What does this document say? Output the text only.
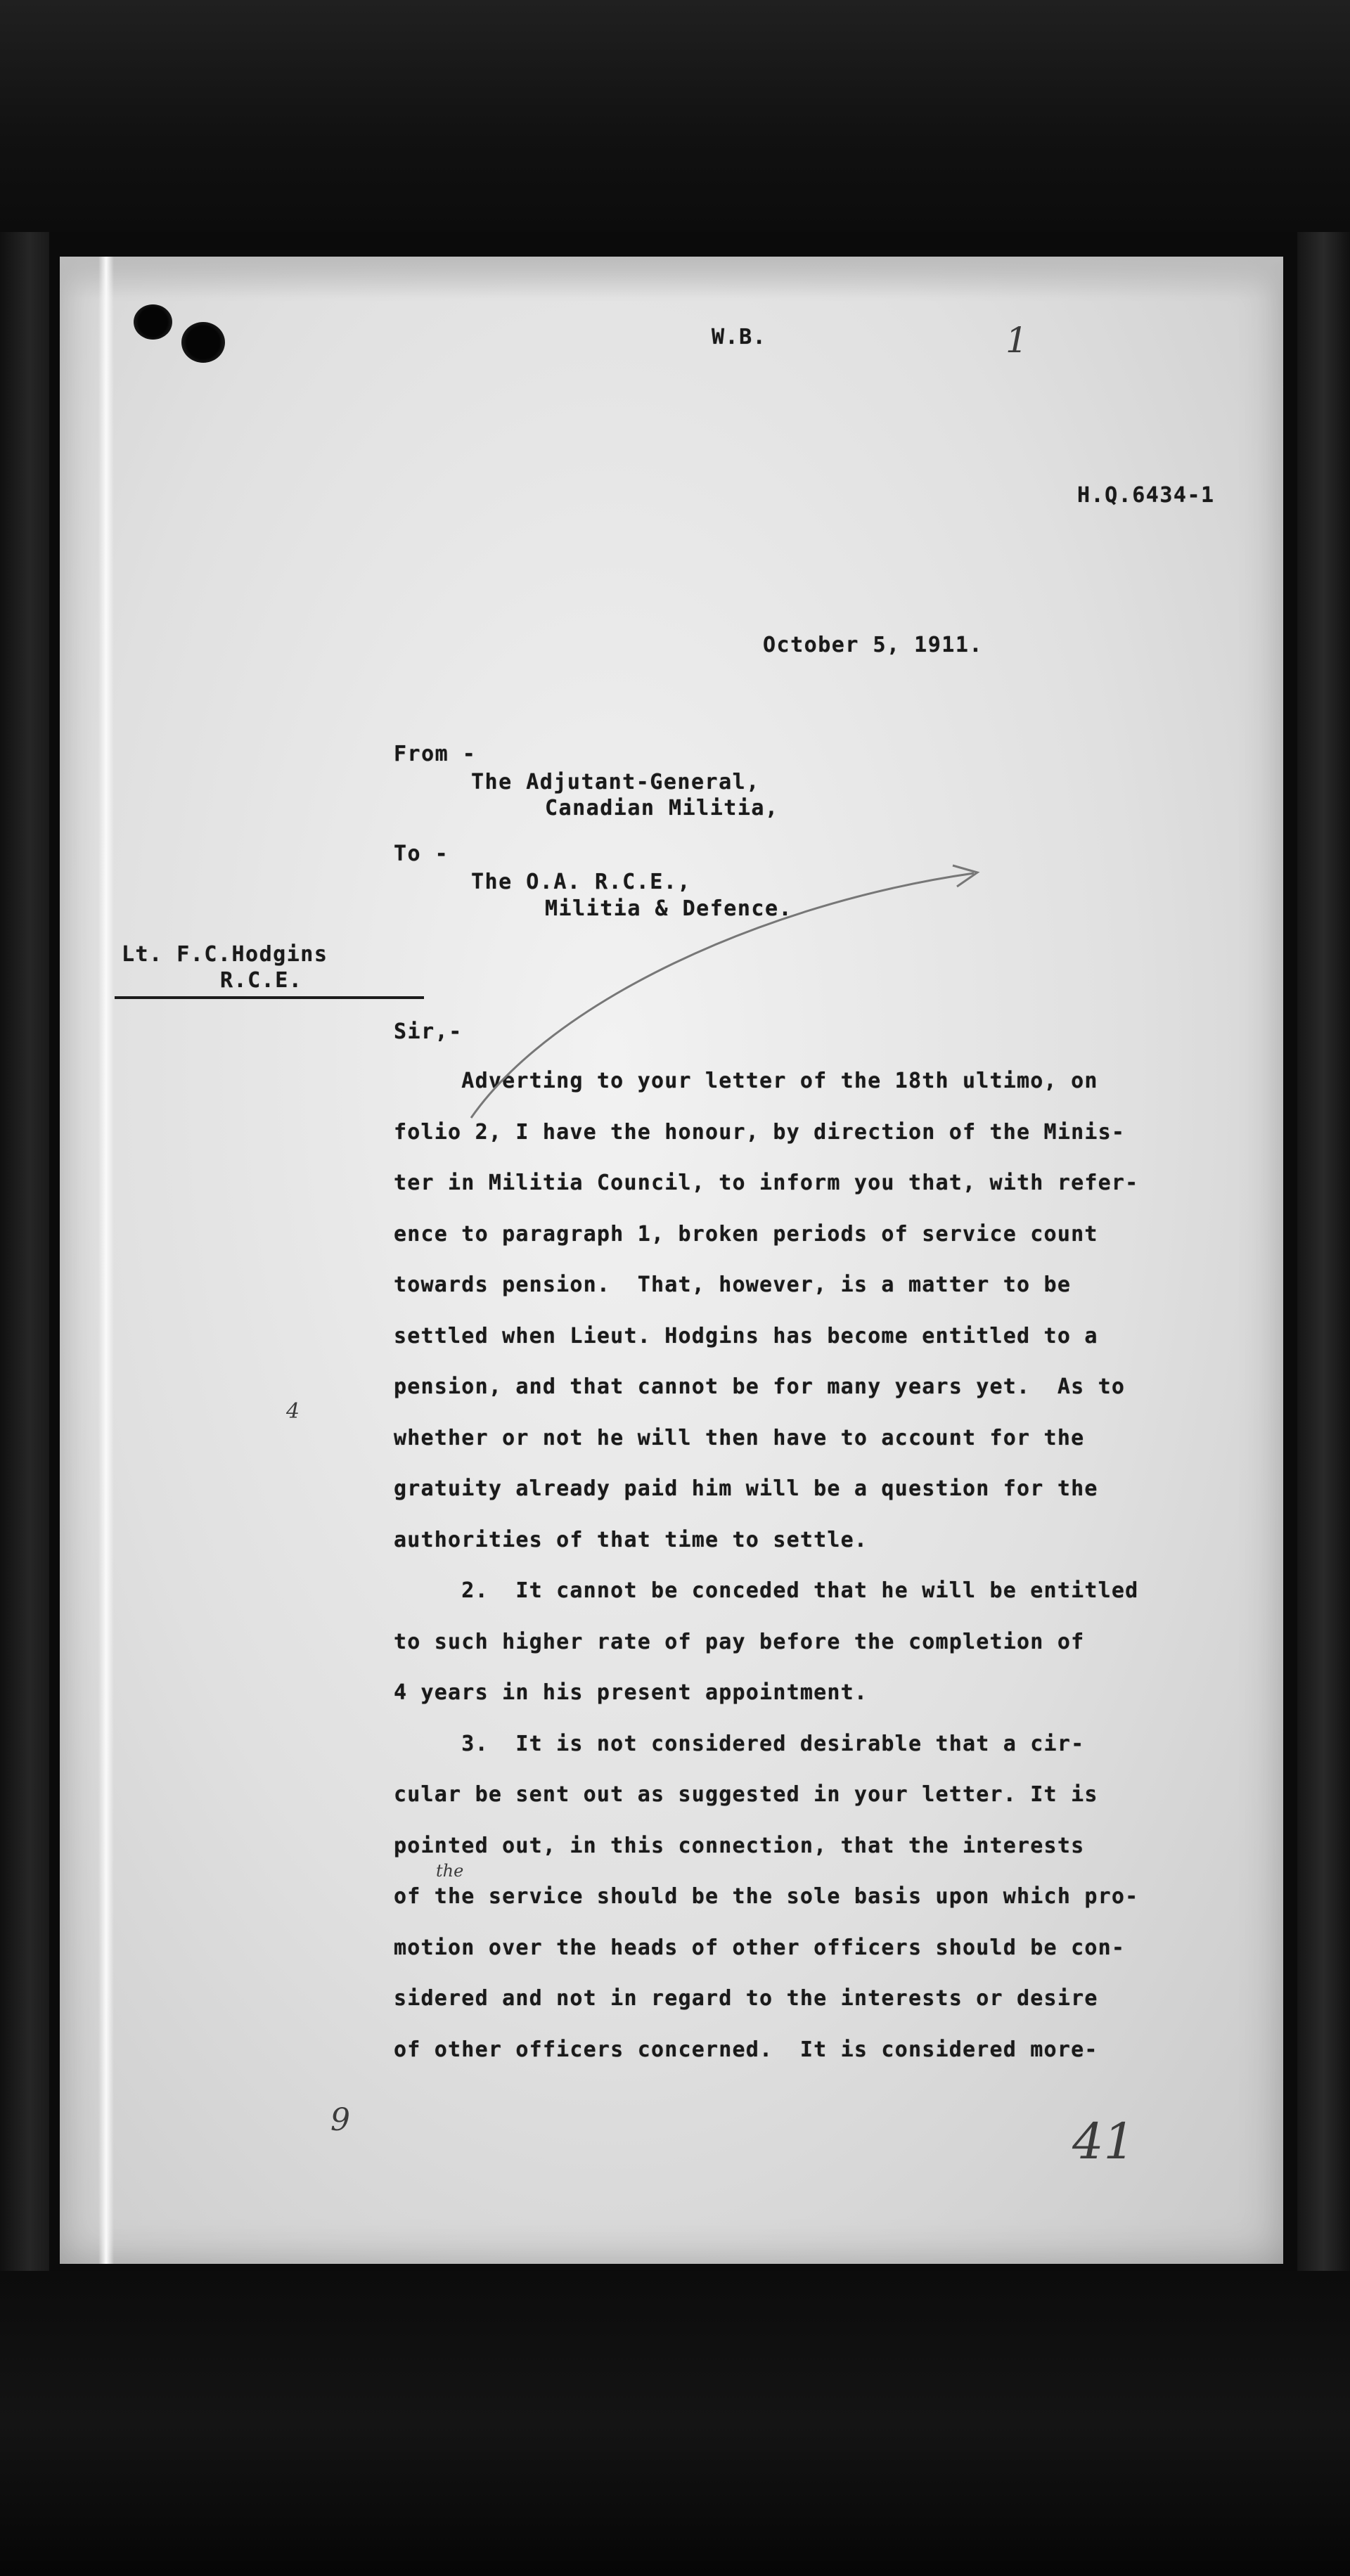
W.B.	1
H.Q.6434-1
October 5, 1911.
From -
The Adjutant-General,
Canadian Militia,
To -
The O.A. R.C.E.,
Militia & Defence.
Lt. F.C.Hodgins
R.C.E.
Sir,-
Adverting to your letter of the 18th ultimo, on
folio 2, I have the honour, by direction of the Minis-
ter in Militia Council, to inform you that, with refer-
ence to paragraph 1, broken periods of service count
towards pension.  That, however, is a matter to be
settled when Lieut. Hodgins has become entitled to a
pension, and that cannot be for many years yet.  As to
whether or not he will then have to account for the
gratuity already paid him will be a question for the
authorities of that time to settle.
2.  It cannot be conceded that he will be entitled
to such higher rate of pay before the completion of
4 years in his present appointment.
3.  It is not considered desirable that a cir-
cular be sent out as suggested in your letter. It is
pointed out, in this connection, that the interests
of the service should be the sole basis upon which pro-
motion over the heads of other officers should be con-
sidered and not in regard to the interests or desire
of other officers concerned.  It is considered more-
the
4
9	41
